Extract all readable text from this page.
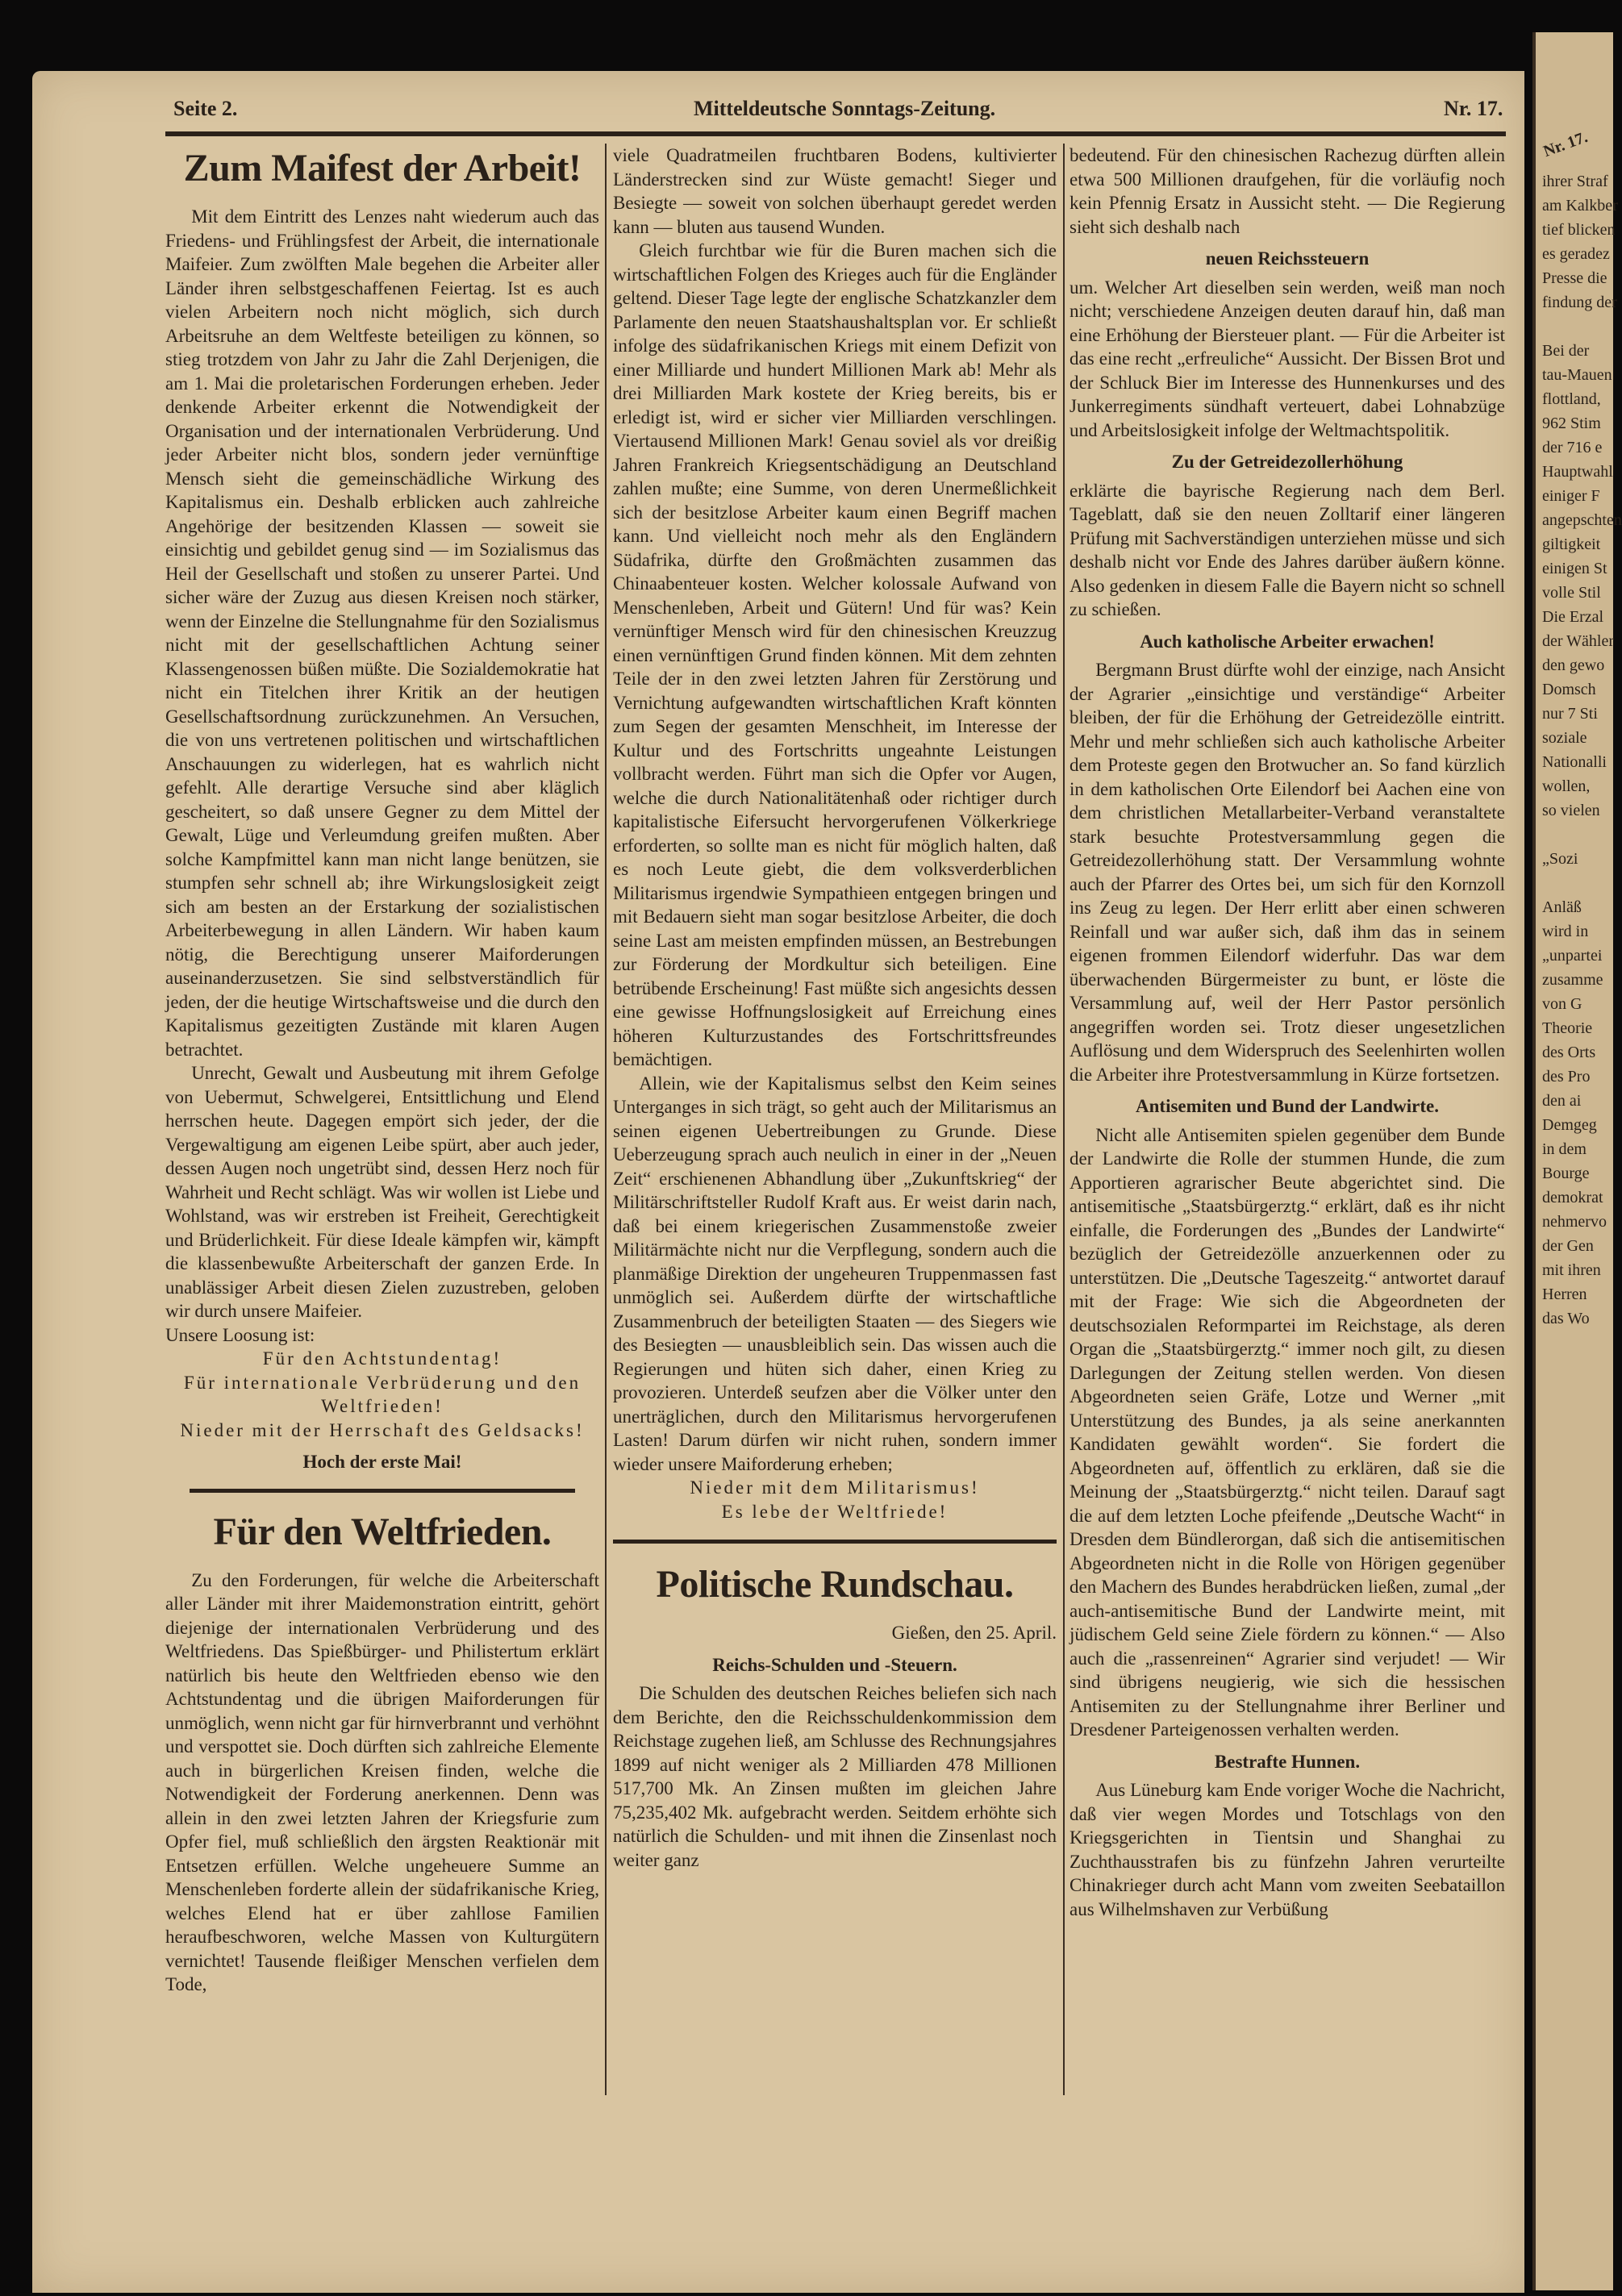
Nr. 17.
ihrer Straf
am Kalkber
tief blicken
es geradez
Presse die
findung der

Bei der
tau-Mauen
flottland,
962 Stim
der 716 e
Hauptwahl
einiger F
angepschten
giltigkeit
einigen St
volle Stil
Die Erzal
der Wähler
den gewo
Domsch
nur 7 Sti
soziale
Nationalli
wollen,
so vielen

„Sozi

Anläß
wird in
„unpartei
zusamme
von G
Theorie
des Orts
des Pro
den ai
Demgeg
in dem
Bourge
demokrat
nehmervo
der Gen
mit ihren
Herren
das Wo
Seite 2.	Mitteldeutsche Sonntags-Zeitung.	Nr. 17.
Zum Maifest der Arbeit!

Mit dem Eintritt des Lenzes naht wiederum auch das Friedens- und Frühlingsfest der Arbeit, die internationale Maifeier. Zum zwölften Male begehen die Arbeiter aller Länder ihren selbstgeschaffenen Feiertag. Ist es auch vielen Arbeitern noch nicht möglich, sich durch Arbeitsruhe an dem Weltfeste beteiligen zu können, so stieg trotzdem von Jahr zu Jahr die Zahl Derjenigen, die am 1. Mai die proletarischen Forderungen erheben. Jeder denkende Arbeiter erkennt die Notwendigkeit der Organisation und der internationalen Verbrüderung. Und jeder Arbeiter nicht blos, sondern jeder vernünftige Mensch sieht die gemeinschädliche Wirkung des Kapitalismus ein. Deshalb erblicken auch zahlreiche Angehörige der besitzenden Klassen — soweit sie einsichtig und gebildet genug sind — im Sozialismus das Heil der Gesellschaft und stoßen zu unserer Partei. Und sicher wäre der Zuzug aus diesen Kreisen noch stärker, wenn der Einzelne die Stellungnahme für den Sozialismus nicht mit der gesellschaftlichen Achtung seiner Klassengenossen büßen müßte. Die Sozialdemokratie hat nicht ein Titelchen ihrer Kritik an der heutigen Gesellschaftsordnung zurückzunehmen. An Versuchen, die von uns vertretenen politischen und wirtschaftlichen Anschauungen zu widerlegen, hat es wahrlich nicht gefehlt. Alle derartige Versuche sind aber kläglich gescheitert, so daß unsere Gegner zu dem Mittel der Gewalt, Lüge und Verleumdung greifen mußten. Aber solche Kampfmittel kann man nicht lange benützen, sie stumpfen sehr schnell ab; ihre Wirkungslosigkeit zeigt sich am besten an der Erstarkung der sozialistischen Arbeiterbewegung in allen Ländern. Wir haben kaum nötig, die Berechtigung unserer Maiforderungen auseinanderzusetzen. Sie sind selbstverständlich für jeden, der die heutige Wirtschaftsweise und die durch den Kapitalismus gezeitigten Zustände mit klaren Augen betrachtet.

Unrecht, Gewalt und Ausbeutung mit ihrem Gefolge von Uebermut, Schwelgerei, Entsittlichung und Elend herrschen heute. Dagegen empört sich jeder, der die Vergewaltigung am eigenen Leibe spürt, aber auch jeder, dessen Augen noch ungetrübt sind, dessen Herz noch für Wahrheit und Recht schlägt. Was wir wollen ist Liebe und Wohlstand, was wir erstreben ist Freiheit, Gerechtigkeit und Brüderlichkeit. Für diese Ideale kämpfen wir, kämpft die klassenbewußte Arbeiterschaft der ganzen Erde. In unablässiger Arbeit diesen Zielen zuzustreben, geloben wir durch unsere Maifeier.

Unsere Loosung ist:

Für den Achtstundentag!

Für internationale Verbrüderung und den Weltfrieden!

Nieder mit der Herrschaft des Geldsacks!

Hoch der erste Mai!

Für den Weltfrieden.

Zu den Forderungen, für welche die Arbeiterschaft aller Länder mit ihrer Maidemonstration eintritt, gehört diejenige der internationalen Verbrüderung und des Weltfriedens. Das Spießbürger- und Philistertum erklärt natürlich bis heute den Weltfrieden ebenso wie den Achtstundentag und die übrigen Maiforderungen für unmöglich, wenn nicht gar für hirnverbrannt und verhöhnt und verspottet sie. Doch dürften sich zahlreiche Elemente auch in bürgerlichen Kreisen finden, welche die Notwendigkeit der Forderung anerkennen. Denn was allein in den zwei letzten Jahren der Kriegsfurie zum Opfer fiel, muß schließlich den ärgsten Reaktionär mit Entsetzen erfüllen. Welche ungeheuere Summe an Menschenleben forderte allein der südafrikanische Krieg, welches Elend hat er über zahllose Familien heraufbeschworen, welche Massen von Kulturgütern vernichtet! Tausende fleißiger Menschen verfielen dem Tode,

viele Quadratmeilen fruchtbaren Bodens, kultivierter Länderstrecken sind zur Wüste gemacht! Sieger und Besiegte — soweit von solchen überhaupt geredet werden kann — bluten aus tausend Wunden.

Gleich furchtbar wie für die Buren machen sich die wirtschaftlichen Folgen des Krieges auch für die Engländer geltend. Dieser Tage legte der englische Schatzkanzler dem Parlamente den neuen Staatshaushaltsplan vor. Er schließt infolge des südafrikanischen Kriegs mit einem Defizit von einer Milliarde und hundert Millionen Mark ab! Mehr als drei Milliarden Mark kostete der Krieg bereits, bis er erledigt ist, wird er sicher vier Milliarden verschlingen. Viertausend Millionen Mark! Genau soviel als vor dreißig Jahren Frankreich Kriegsentschädigung an Deutschland zahlen mußte; eine Summe, von deren Unermeßlichkeit sich der besitzlose Arbeiter kaum einen Begriff machen kann. Und vielleicht noch mehr als den Engländern Südafrika, dürfte den Großmächten zusammen das Chinaabenteuer kosten. Welcher kolossale Aufwand von Menschenleben, Arbeit und Gütern! Und für was? Kein vernünftiger Mensch wird für den chinesischen Kreuzzug einen vernünftigen Grund finden können. Mit dem zehnten Teile der in den zwei letzten Jahren für Zerstörung und Vernichtung aufgewandten wirtschaftlichen Kraft könnten zum Segen der gesamten Menschheit, im Interesse der Kultur und des Fortschritts ungeahnte Leistungen vollbracht werden. Führt man sich die Opfer vor Augen, welche die durch Nationalitätenhaß oder richtiger durch kapitalistische Eifersucht hervorgerufenen Völkerkriege erforderten, so sollte man es nicht für möglich halten, daß es noch Leute giebt, die dem volksverderblichen Militarismus irgendwie Sympathieen entgegen bringen und mit Bedauern sieht man sogar besitzlose Arbeiter, die doch seine Last am meisten empfinden müssen, an Bestrebungen zur Förderung der Mordkultur sich beteiligen. Eine betrübende Erscheinung! Fast müßte sich angesichts dessen eine gewisse Hoffnungslosigkeit auf Erreichung eines höheren Kulturzustandes des Fortschrittsfreundes bemächtigen.

Allein, wie der Kapitalismus selbst den Keim seines Unterganges in sich trägt, so geht auch der Militarismus an seinen eigenen Uebertreibungen zu Grunde. Diese Ueberzeugung sprach auch neulich in einer in der „Neuen Zeit“ erschienenen Abhandlung über „Zukunftskrieg“ der Militärschriftsteller Rudolf Kraft aus. Er weist darin nach, daß bei einem kriegerischen Zusammenstoße zweier Militärmächte nicht nur die Verpflegung, sondern auch die planmäßige Direktion der ungeheuren Truppenmassen fast unmöglich sei. Außerdem dürfte der wirtschaftliche Zusammenbruch der beteiligten Staaten — des Siegers wie des Besiegten — unausbleiblich sein. Das wissen auch die Regierungen und hüten sich daher, einen Krieg zu provozieren. Unterdeß seufzen aber die Völker unter den unerträglichen, durch den Militarismus hervorgerufenen Lasten! Darum dürfen wir nicht ruhen, sondern immer wieder unsere Maiforderung erheben;

Nieder mit dem Militarismus!

Es lebe der Weltfriede!

Politische Rundschau.

Gießen, den 25. April.

Reichs-Schulden und -Steuern.

Die Schulden des deutschen Reiches beliefen sich nach dem Berichte, den die Reichsschuldenkommission dem Reichstage zugehen ließ, am Schlusse des Rechnungsjahres 1899 auf nicht weniger als 2 Milliarden 478 Millionen 517,700 Mk. An Zinsen mußten im gleichen Jahre 75,235,402 Mk. aufgebracht werden. Seitdem erhöhte sich natürlich die Schulden- und mit ihnen die Zinsenlast noch weiter ganz

bedeutend. Für den chinesischen Rachezug dürften allein etwa 500 Millionen draufgehen, für die vorläufig noch kein Pfennig Ersatz in Aussicht steht. — Die Regierung sieht sich deshalb nach

neuen Reichssteuern

um. Welcher Art dieselben sein werden, weiß man noch nicht; verschiedene Anzeigen deuten darauf hin, daß man eine Erhöhung der Biersteuer plant. — Für die Arbeiter ist das eine recht „erfreuliche“ Aussicht. Der Bissen Brot und der Schluck Bier im Interesse des Hunnenkurses und des Junkerregiments sündhaft verteuert, dabei Lohnabzüge und Arbeitslosigkeit infolge der Weltmachtspolitik.

Zu der Getreidezollerhöhung

erklärte die bayrische Regierung nach dem Berl. Tageblatt, daß sie den neuen Zolltarif einer längeren Prüfung mit Sachverständigen unterziehen müsse und sich deshalb nicht vor Ende des Jahres darüber äußern könne. Also gedenken in diesem Falle die Bayern nicht so schnell zu schießen.

Auch katholische Arbeiter erwachen!

Bergmann Brust dürfte wohl der einzige, nach Ansicht der Agrarier „einsichtige und verständige“ Arbeiter bleiben, der für die Erhöhung der Getreidezölle eintritt. Mehr und mehr schließen sich auch katholische Arbeiter dem Proteste gegen den Brotwucher an. So fand kürzlich in dem katholischen Orte Eilendorf bei Aachen eine von dem christlichen Metallarbeiter-Verband veranstaltete stark besuchte Protestversammlung gegen die Getreidezollerhöhung statt. Der Versammlung wohnte auch der Pfarrer des Ortes bei, um sich für den Kornzoll ins Zeug zu legen. Der Herr erlitt aber einen schweren Reinfall und war außer sich, daß ihm das in seinem eigenen frommen Eilendorf widerfuhr. Das war dem überwachenden Bürgermeister zu bunt, er löste die Versammlung auf, weil der Herr Pastor persönlich angegriffen worden sei. Trotz dieser ungesetzlichen Auflösung und dem Widerspruch des Seelenhirten wollen die Arbeiter ihre Protestversammlung in Kürze fortsetzen.

Antisemiten und Bund der Landwirte.

Nicht alle Antisemiten spielen gegenüber dem Bunde der Landwirte die Rolle der stummen Hunde, die zum Apportieren agrarischer Beute abgerichtet sind. Die antisemitische „Staatsbürgerztg.“ erklärt, daß es ihr nicht einfalle, die Forderungen des „Bundes der Landwirte“ bezüglich der Getreidezölle anzuerkennen oder zu unterstützen. Die „Deutsche Tageszeitg.“ antwortet darauf mit der Frage: Wie sich die Abgeordneten der deutschsozialen Reformpartei im Reichstage, als deren Organ die „Staatsbürgerztg.“ immer noch gilt, zu diesen Darlegungen der Zeitung stellen werden. Von diesen Abgeordneten seien Gräfe, Lotze und Werner „mit Unterstützung des Bundes, ja als seine anerkannten Kandidaten gewählt worden“. Sie fordert die Abgeordneten auf, öffentlich zu erklären, daß sie die Meinung der „Staatsbürgerztg.“ nicht teilen. Darauf sagt die auf dem letzten Loche pfeifende „Deutsche Wacht“ in Dresden dem Bündlerorgan, daß sich die antisemitischen Abgeordneten nicht in die Rolle von Hörigen gegenüber den Machern des Bundes herabdrücken ließen, zumal „der auch-antisemitische Bund der Landwirte meint, mit jüdischem Geld seine Ziele fördern zu können.“ — Also auch die „rassenreinen“ Agrarier sind verjudet! — Wir sind übrigens neugierig, wie sich die hessischen Antisemiten zu der Stellungnahme ihrer Berliner und Dresdener Parteigenossen verhalten werden.

Bestrafte Hunnen.

Aus Lüneburg kam Ende voriger Woche die Nachricht, daß vier wegen Mordes und Totschlags von den Kriegsgerichten in Tientsin und Shanghai zu Zuchthausstrafen bis zu fünfzehn Jahren verurteilte Chinakrieger durch acht Mann vom zweiten Seebataillon aus Wilhelmshaven zur Verbüßung
